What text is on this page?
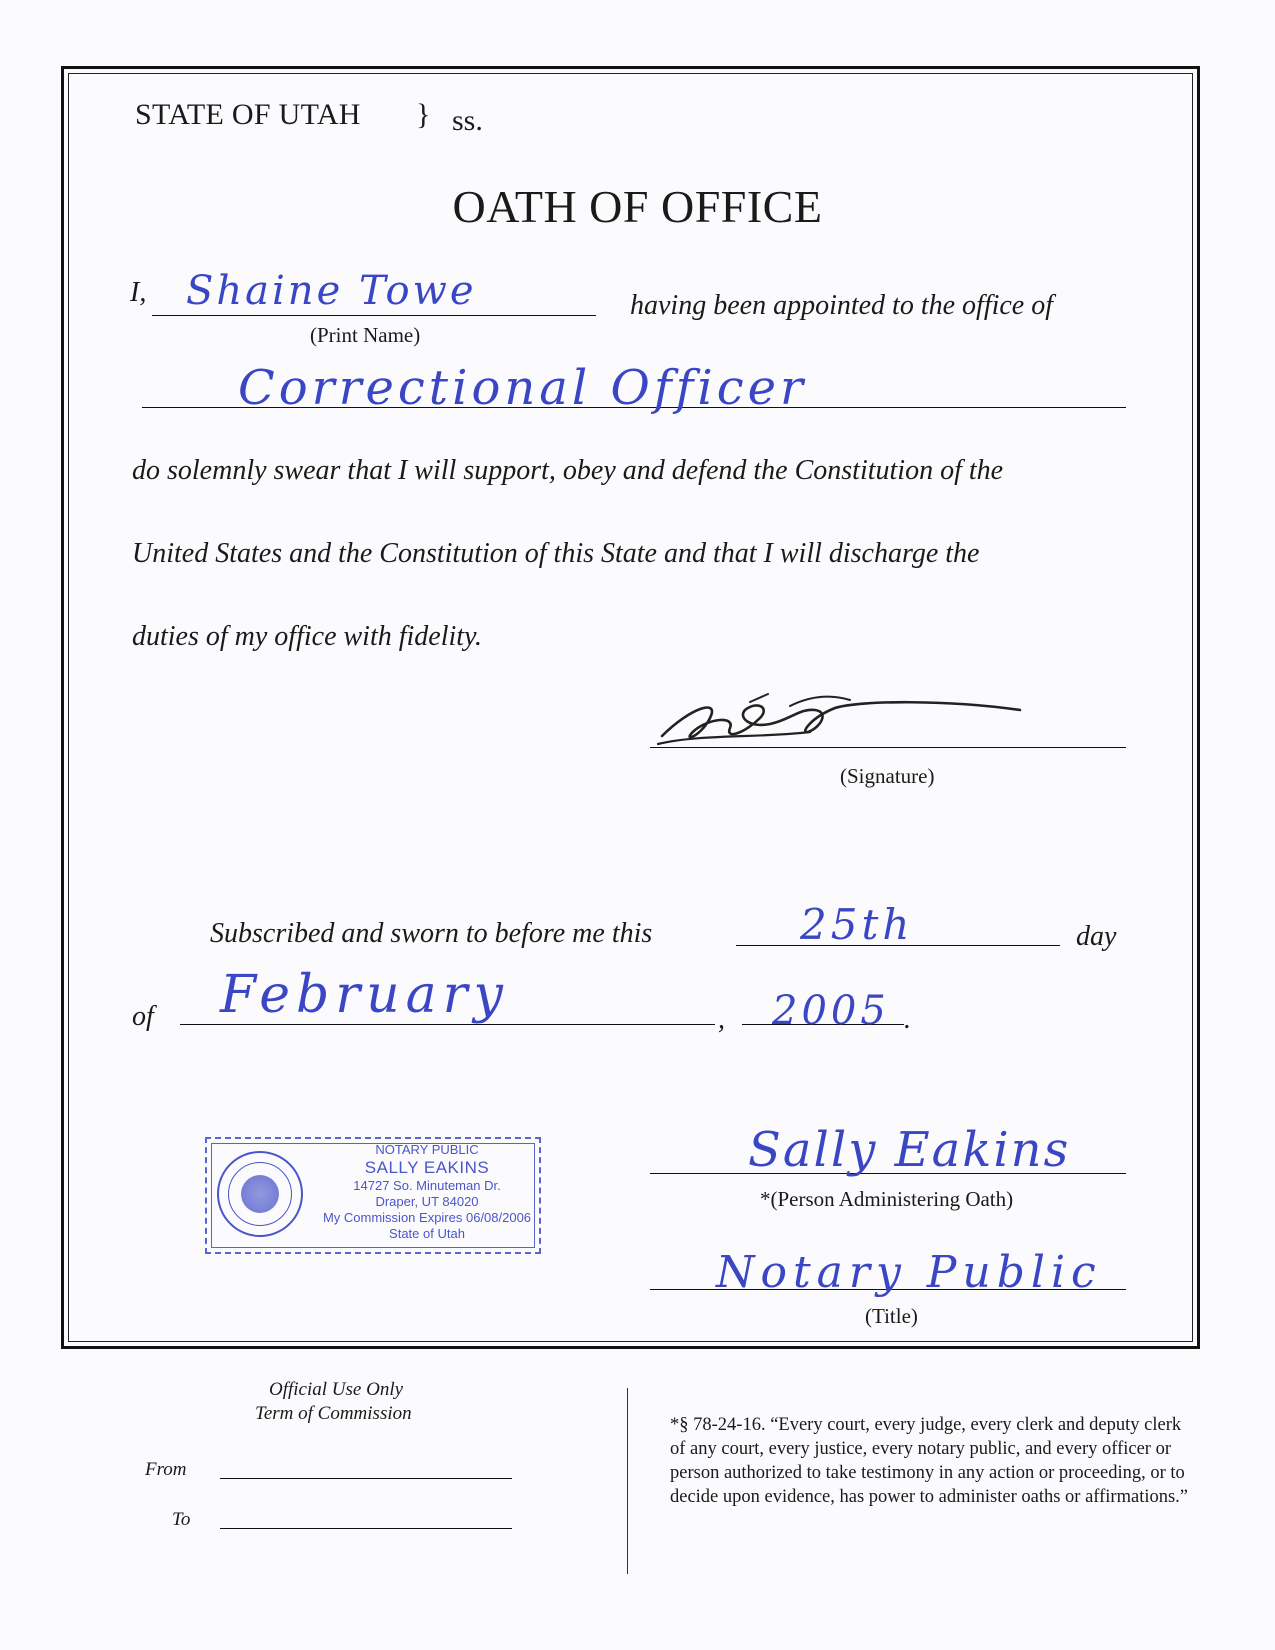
STATE OF UTAH } ss.
OATH OF OFFICE
I, Shaine Towe
(Print Name)
having been appointed to the office of
Correctional Officer
do solemnly swear that I will support, obey and defend the Constitution of the
United States and the Constitution of this State and that I will discharge the
duties of my office with fidelity.
(Signature)
Subscribed and sworn to before me this	25th	day
of February	, 2005 .
NOTARY PUBLIC
SALLY EAKINS
14727 So. Minuteman Dr.
Draper, UT 84020
My Commission Expires 06/08/2006
State of Utah
Sally Eakins
*(Person Administering Oath)
Notary Public
(Title)
Official Use Only
Term of Commission
From
To
*§ 78-24-16. “Every court, every judge, every clerk and deputy clerk of any court, every justice, every notary public, and every officer or person authorized to take testimony in any action or proceeding, or to decide upon evidence, has power to administer oaths or affirmations.”
